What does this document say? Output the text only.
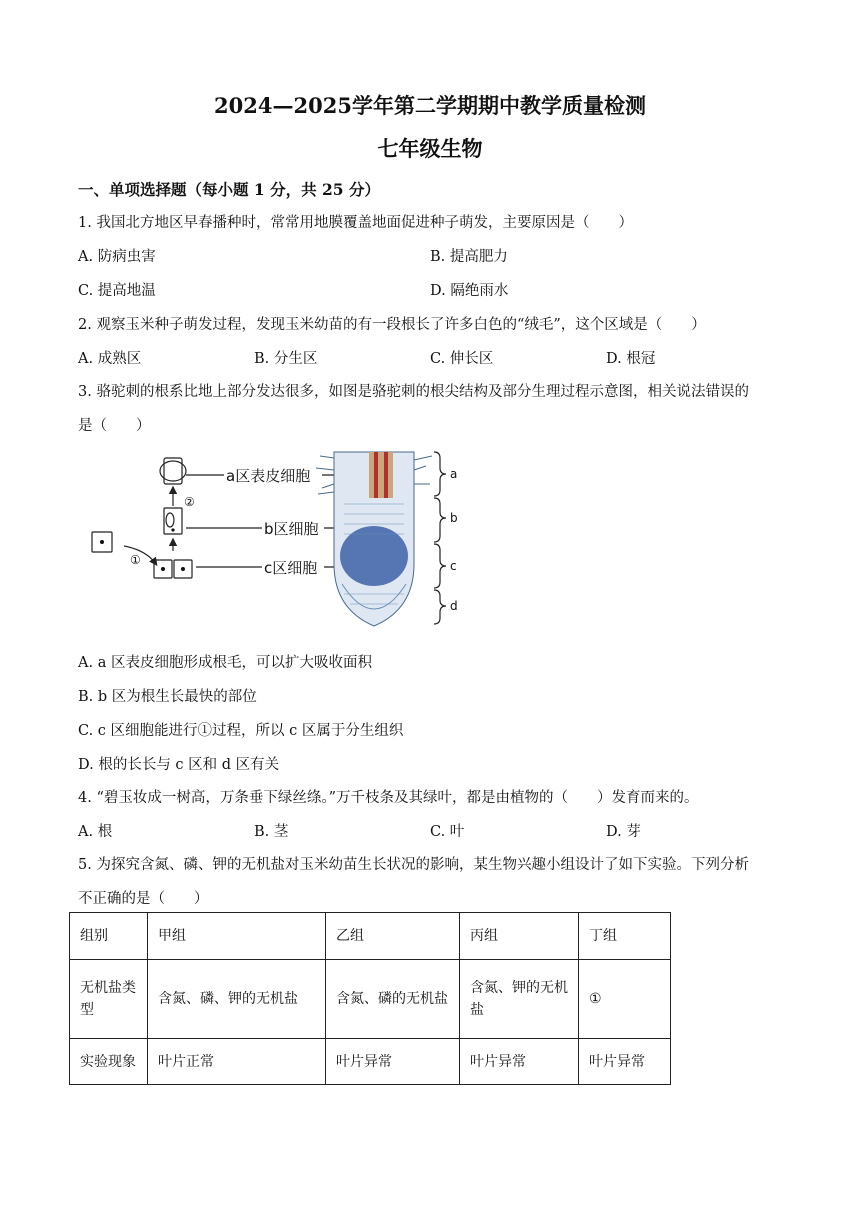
2024—2025学年第二学期期中教学质量检测
七年级生物
一、单项选择题（每小题 1 分，共 25 分）
1. 我国北方地区早春播种时，常常用地膜覆盖地面促进种子萌发，主要原因是（　　）
A. 防病虫害	B. 提高肥力
C. 提高地温	D. 隔绝雨水
2. 观察玉米种子萌发过程，发现玉米幼苗的有一段根长了许多白色的“绒毛”，这个区域是（　　）
A. 成熟区	B. 分生区	C. 伸长区	D. 根冠
3. 骆驼刺的根系比地上部分发达很多，如图是骆驼刺的根尖结构及部分生理过程示意图，相关说法错误的
是（　　）
①
②
a区表皮细胞
b区细胞
c区细胞
a
b
c
d
A. a 区表皮细胞形成根毛，可以扩大吸收面积
B. b 区为根生长最快的部位
C. c 区细胞能进行①过程，所以 c 区属于分生组织
D. 根的长长与 c 区和 d 区有关
4. “碧玉妆成一树高，万条垂下绿丝绦。”万千枝条及其绿叶，都是由植物的（　　）发育而来的。
A. 根	B. 茎	C. 叶	D. 芽
5. 为探究含氮、磷、钾的无机盐对玉米幼苗生长状况的影响，某生物兴趣小组设计了如下实验。下列分析
不正确的是（　　）
组别	甲组	乙组	丙组	丁组
无机盐类型	含氮、磷、钾的无机盐	含氮、磷的无机盐	含氮、钾的无机盐	①
实验现象	叶片正常	叶片异常	叶片异常	叶片异常
